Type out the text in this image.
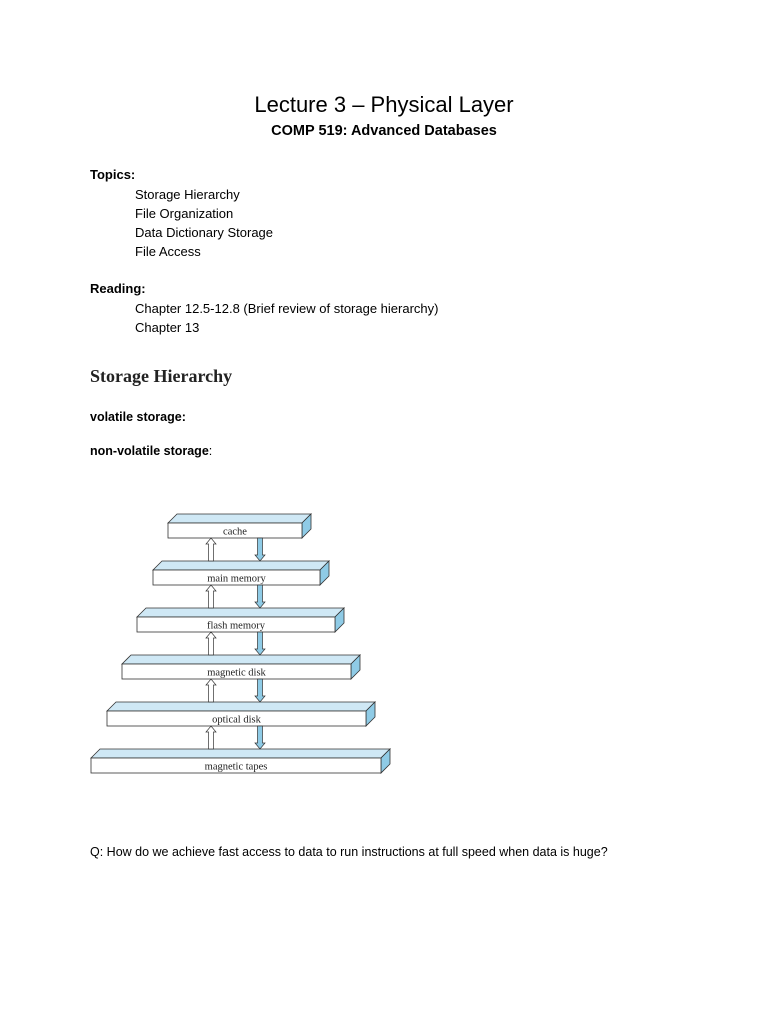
Lecture 3 – Physical Layer
COMP 519: Advanced Databases

Topics:

Storage Hierarchy
File Organization
Data Dictionary Storage
File Access

Reading:

Chapter 12.5-12.8 (Brief review of storage hierarchy)
Chapter 13
Storage Hierarchy

volatile storage:

non-volatile storage:

cache
main memory
flash memory
magnetic disk
optical disk
magnetic tapes

Q: How do we achieve fast access to data to run instructions at full speed when data is huge?
